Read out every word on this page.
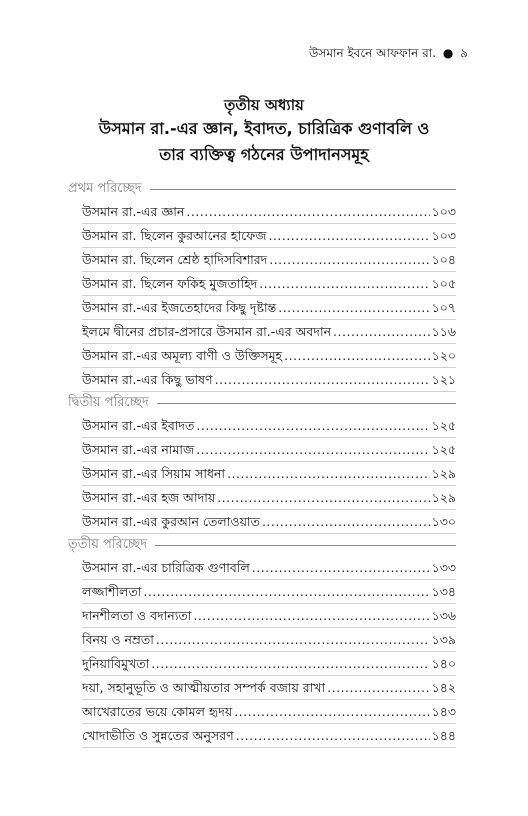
উসমান ইবনে আফফান রা. ● ৯
তৃতীয় অধ্যায়
উসমান রা.-এর জ্ঞান, ইবাদত, চারিত্রিক গুণাবলি ও
তার ব্যক্তিত্ব গঠনের উপাদানসমূহ
প্রথম পরিচ্ছেদ
উসমান রা.-এর জ্ঞান .....	১০৩
উসমান রা. ছিলেন কুরআনের হাফেজ .....	১০৩
উসমান রা. ছিলেন শ্রেষ্ঠ হাদিসবিশারদ .....	১০৪
উসমান রা. ছিলেন ফকিহ মুজতাহিদ .....	১০৫
উসমান রা.-এর ইজতেহাদের কিছু দৃষ্টান্ত .....	১০৭
ইলমে দ্বীনের প্রচার-প্রসারে উসমান রা.-এর অবদান .....	১১৬
উসমান রা.-এর অমূল্য বাণী ও উক্তিসমূহ .....	১২০
উসমান রা.-এর কিছু ভাষণ .....	১২১
দ্বিতীয় পরিচ্ছেদ
উসমান রা.-এর ইবাদত .....	১২৫
উসমান রা.-এর নামাজ .....	১২৫
উসমান রা.-এর সিয়াম সাধনা .....	১২৯
উসমান রা.-এর হজ আদায় .....	১২৯
উসমান রা.-এর কুরআন তেলাওয়াত .....	১৩০
তৃতীয় পরিচ্ছেদ
উসমান রা.-এর চারিত্রিক গুণাবলি .....	১৩৩
লজ্জাশীলতা .....	১৩৪
দানশীলতা ও বদান্যতা .....	১৩৬
বিনয় ও নম্রতা .....	১৩৯
দুনিয়াবিমুখতা .....	১৪০
দয়া, সহানুভূতি ও আত্মীয়তার সম্পর্ক বজায় রাখা .....	১৪২
আখেরাতের ভয়ে কোমল হৃদয় .....	১৪৩
খোদাভীতি ও সুন্নতের অনুসরণ .....	১৪৪
